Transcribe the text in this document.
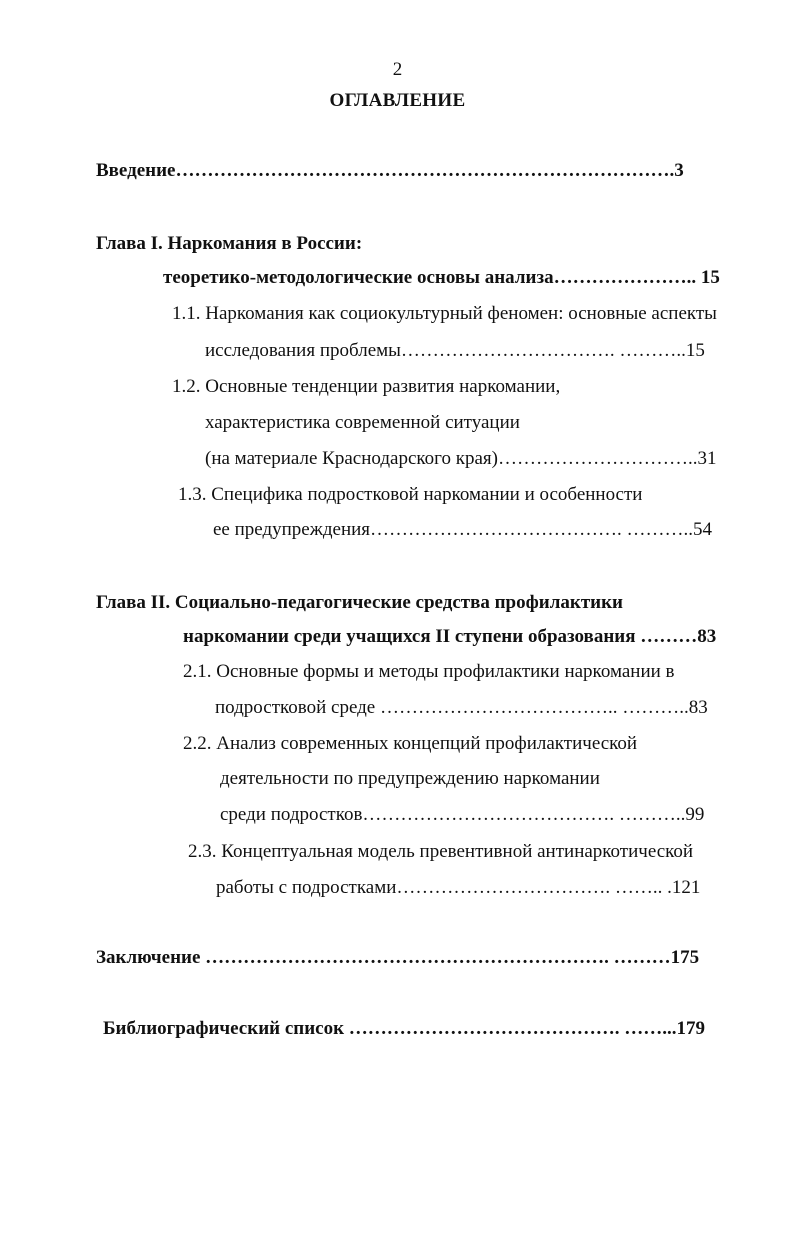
2
ОГЛАВЛЕНИЕ
Введение…………………………………………………………………….3
Глава I. Наркомания в России:
теоретико-методологические основы анализа………………….. 15
1.1. Наркомания как социокультурный феномен: основные аспекты
исследования проблемы……………………………. ………..15
1.2. Основные тенденции развития наркомании,
характеристика современной ситуации
(на материале Краснодарского края)…………………………..31
1.3. Специфика подростковой наркомании и особенности
ее предупреждения…………………………………. ………..54
Глава II. Социально-педагогические средства профилактики
наркомании среди учащихся II ступени образования ………83
2.1. Основные формы и методы профилактики наркомании в
подростковой среде ……………………………….. ………..83
2.2. Анализ современных концепций профилактической
деятельности по предупреждению наркомании
среди подростков…………………………………. ………..99
2.3. Концептуальная модель превентивной антинаркотической
работы с подростками……………………………. …….. .121
Заключение ………………………………………………………. ………175
Библиографический список ……………………………………. ……...179
